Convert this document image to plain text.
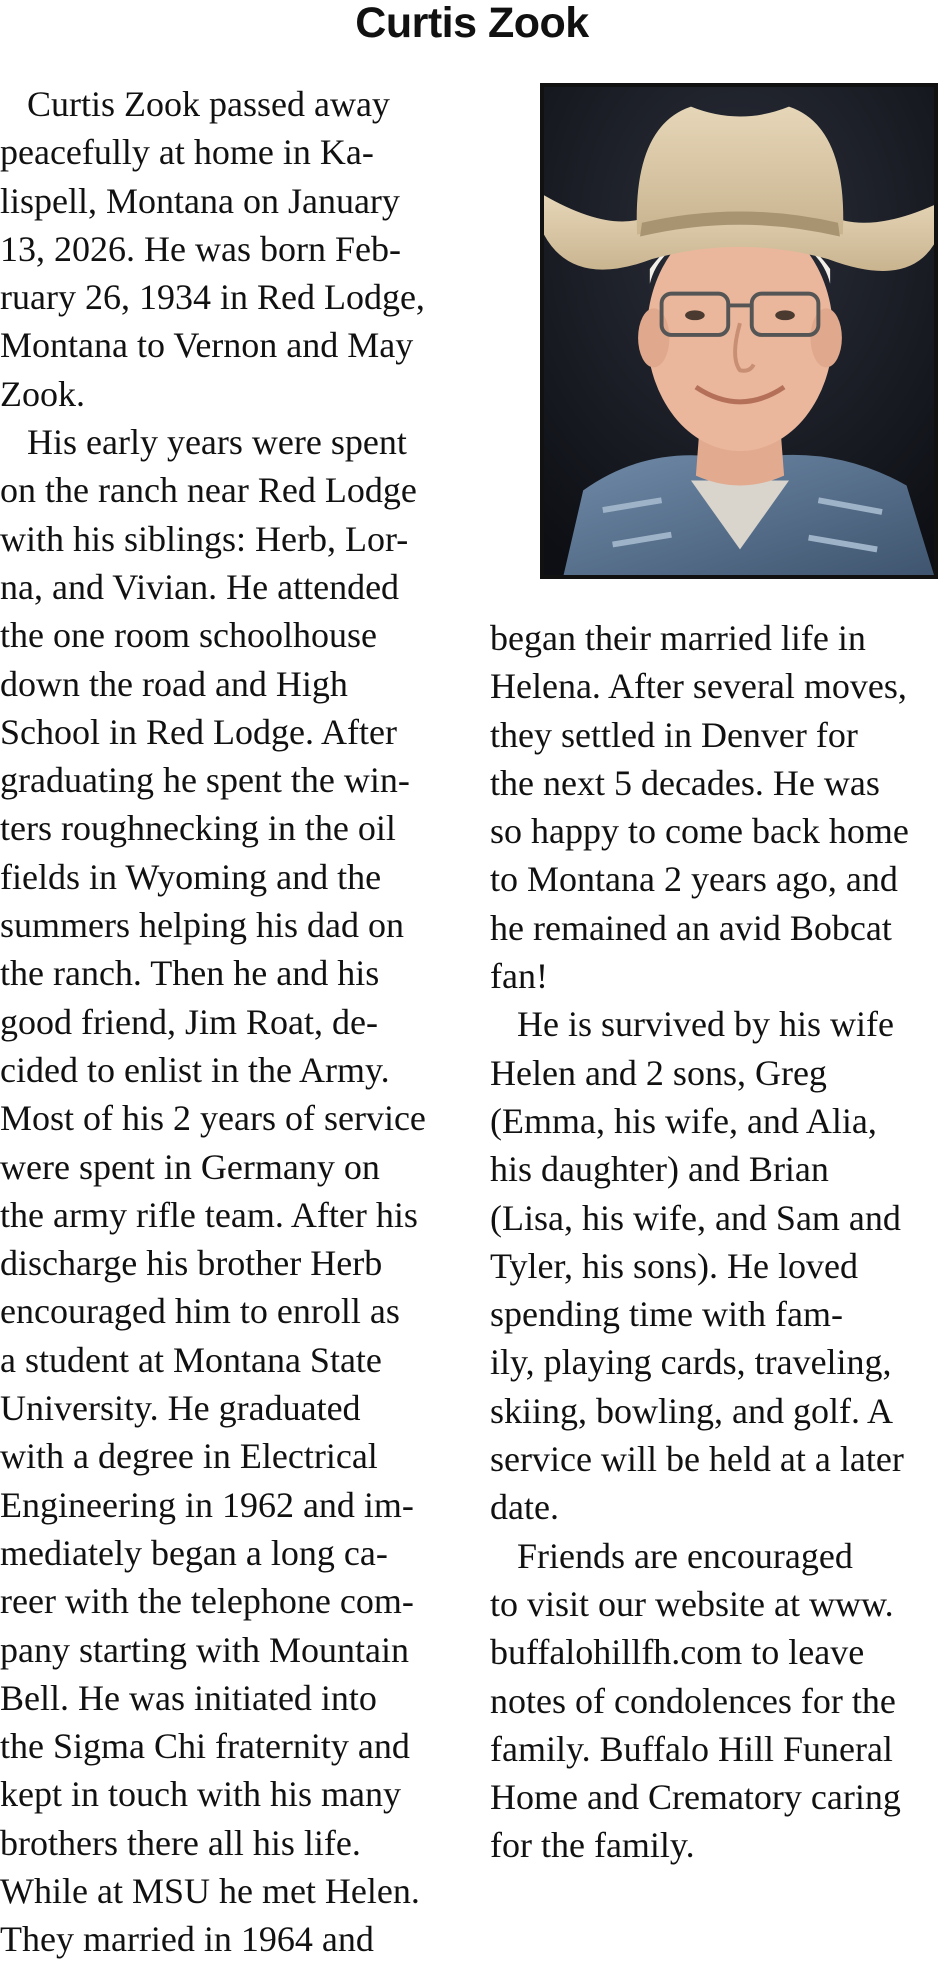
Curtis Zook
Curtis Zook passed away
peacefully at home in Ka-
lispell, Montana on January
13, 2026. He was born Feb-
ruary 26, 1934 in Red Lodge,
Montana to Vernon and May
Zook.
His early years were spent
on the ranch near Red Lodge
with his siblings: Herb, Lor-
na, and Vivian. He attended
the one room schoolhouse
down the road and High
School in Red Lodge. After
graduating he spent the win-
ters roughnecking in the oil
fields in Wyoming and the
summers helping his dad on
the ranch. Then he and his
good friend, Jim Roat, de-
cided to enlist in the Army.
Most of his 2 years of service
were spent in Germany on
the army rifle team. After his
discharge his brother Herb
encouraged him to enroll as
a student at Montana State
University. He graduated
with a degree in Electrical
Engineering in 1962 and im-
mediately began a long ca-
reer with the telephone com-
pany starting with Mountain
Bell. He was initiated into
the Sigma Chi fraternity and
kept in touch with his many
brothers there all his life.
While at MSU he met Helen.
They married in 1964 and
began their married life in
Helena. After several moves,
they settled in Denver for
the next 5 decades. He was
so happy to come back home
to Montana 2 years ago, and
he remained an avid Bobcat
fan!
He is survived by his wife
Helen and 2 sons, Greg
(Emma, his wife, and Alia,
his daughter) and Brian
(Lisa, his wife, and Sam and
Tyler, his sons). He loved
spending time with fam-
ily, playing cards, traveling,
skiing, bowling, and golf. A
service will be held at a later
date.
Friends are encouraged
to visit our website at www.
buffalohillfh.com to leave
notes of condolences for the
family. Buffalo Hill Funeral
Home and Crematory caring
for the family.
